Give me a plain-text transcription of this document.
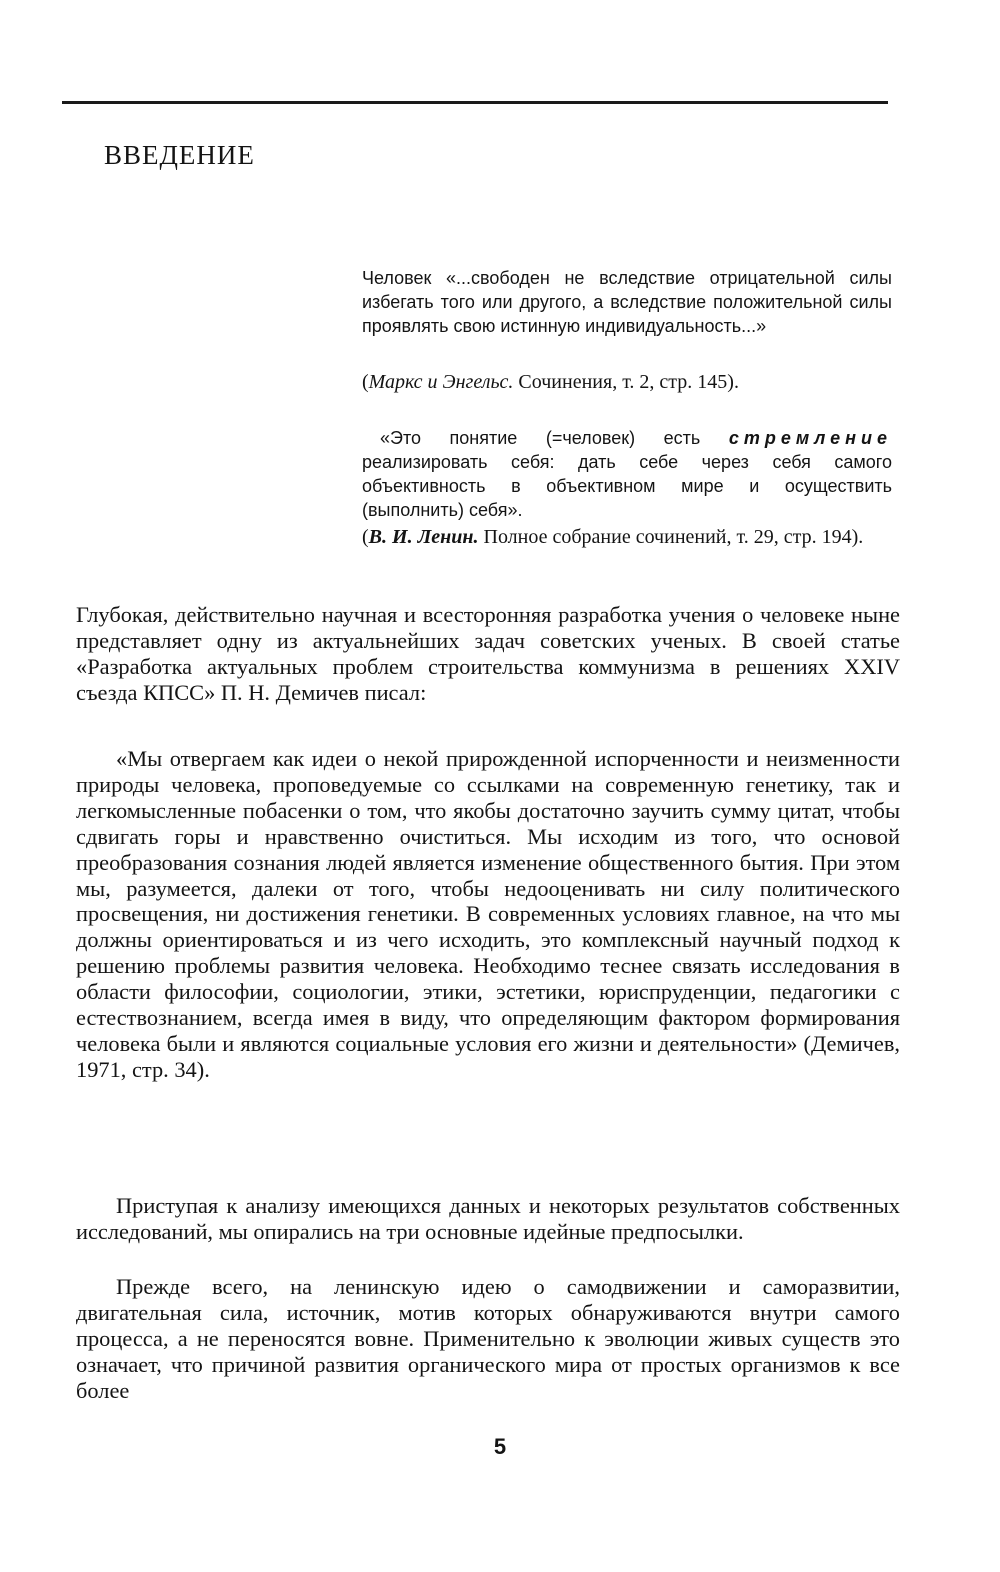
ВВЕДЕНИЕ

Человек «...свободен не вследствие отрицательной силы избегать того или другого, а вследствие положительной силы проявлять свою истинную индивидуальность...»

(Маркс и Энгельс. Сочинения, т. 2, стр. 145).

«Это понятие (=человек) есть стремление реализировать себя: дать себе через себя самого объективность в объективном мире и осуществить (выполнить) себя».

(В. И. Ленин. Полное собрание сочинений, т. 29, стр. 194).

Глубокая, действительно научная и всесторонняя разработка учения о человеке ныне представляет одну из актуальнейших задач советских ученых. В своей статье «Разработка актуальных проблем строительства коммунизма в решениях XXIV съезда КПСС» П. Н. Демичев писал:

«Мы отвергаем как идеи о некой прирожденной испорченности и неизменности природы человека, проповедуемые со ссылками на современную генетику, так и легкомысленные побасенки о том, что якобы достаточно заучить сумму цитат, чтобы сдвигать горы и нравственно очиститься. Мы исходим из того, что основой преобразования сознания людей является изменение общественного бытия. При этом мы, разумеется, далеки от того, чтобы недооценивать ни силу политического просвещения, ни достижения генетики. В современных условиях главное, на что мы должны ориентироваться и из чего исходить, это комплексный научный подход к решению проблемы развития человека. Необходимо теснее связать исследования в области философии, социологии, этики, эстетики, юриспруденции, педагогики с естествознанием, всегда имея в виду, что определяющим фактором формирования человека были и являются социальные условия его жизни и деятельности» (Демичев, 1971, стр. 34).

Приступая к анализу имеющихся данных и некоторых результатов собственных исследований, мы опирались на три основные идейные предпосылки.

Прежде всего, на ленинскую идею о самодвижении и саморазвитии, двигательная сила, источник, мотив которых обнаруживаются внутри самого процесса, а не переносятся вовне. Применительно к эволюции живых существ это означает, что причиной развития органического мира от простых организмов к все более

5
